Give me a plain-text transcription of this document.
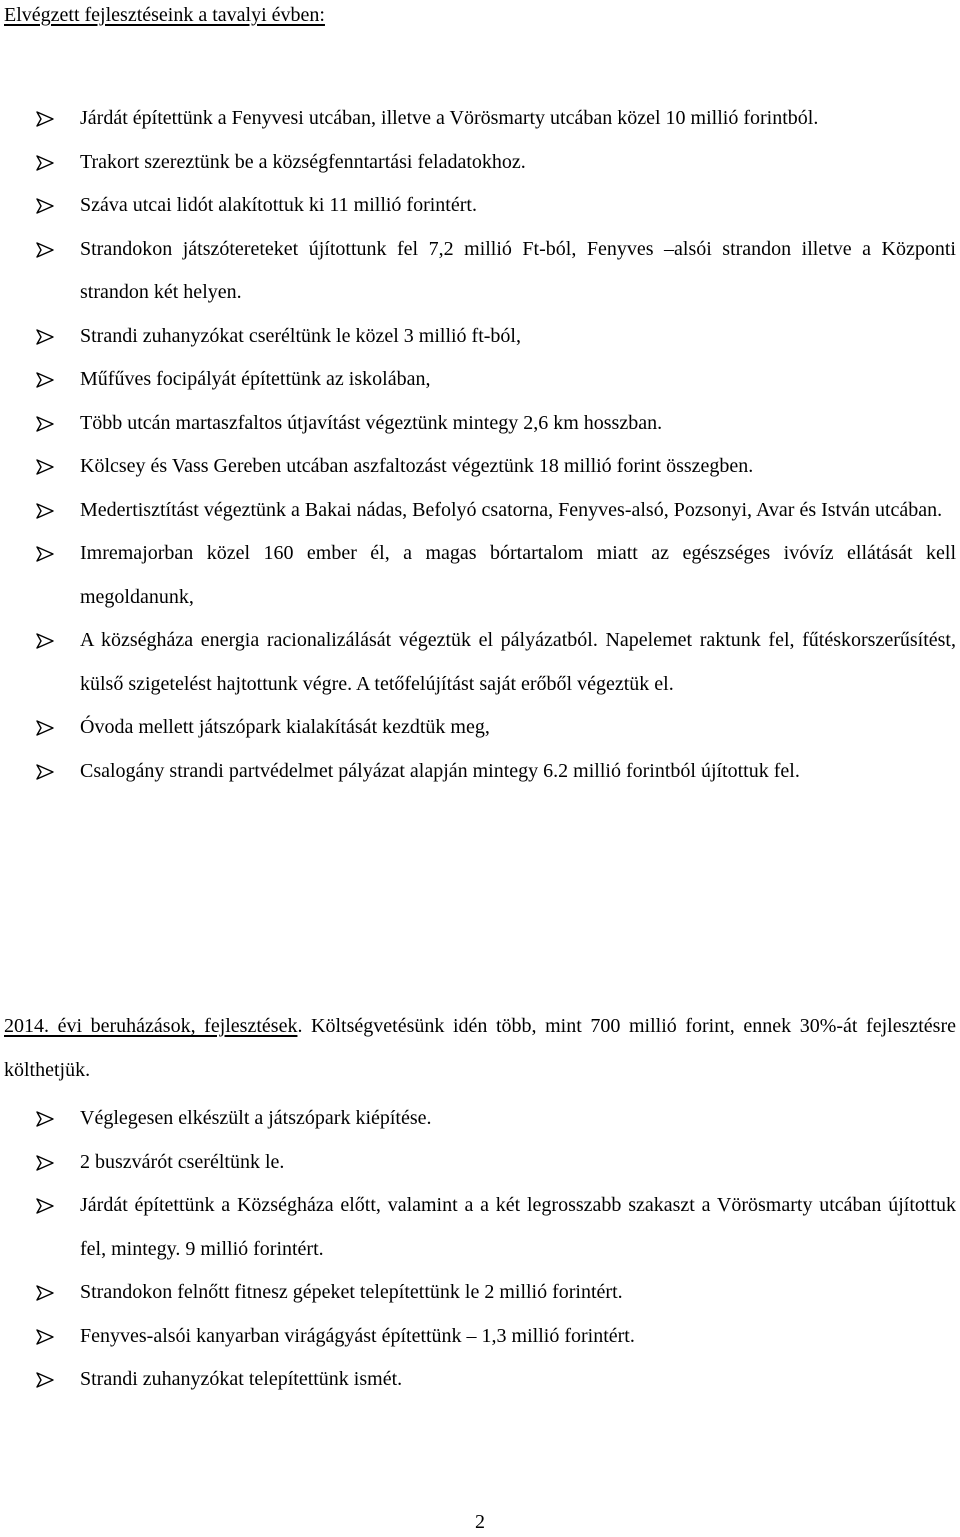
Elvégzett fejlesztéseink a tavalyi évben:
Járdát építettünk a Fenyvesi utcában, illetve a Vörösmarty utcában közel 10 millió forintból.
Trakort szereztünk be a községfenntartási feladatokhoz.
Száva utcai lidót alakítottuk ki 11 millió forintért.
Strandokon játszótereteket újítottunk fel 7,2 millió Ft-ból, Fenyves –alsói strandon illetve a Központi strandon két helyen.
Strandi zuhanyzókat cseréltünk le közel 3 millió ft-ból,
Műfűves focipályát építettünk az iskolában,
Több utcán martaszfaltos útjavítást végeztünk mintegy 2,6 km hosszban.
Kölcsey és Vass Gereben utcában aszfaltozást végeztünk 18 millió forint összegben.
Medertisztítást végeztünk a Bakai nádas, Befolyó csatorna, Fenyves-alsó, Pozsonyi, Avar és István utcában.
Imremajorban közel 160 ember él, a magas bórtartalom miatt az egészséges ivóvíz ellátását kell megoldanunk,
A községháza energia racionalizálását végeztük el pályázatból. Napelemet raktunk fel, fűtéskorszerűsítést, külső szigetelést hajtottunk végre. A tetőfelújítást saját erőből végeztük el.
Óvoda mellett játszópark kialakítását kezdtük meg,
Csalogány strandi partvédelmet pályázat alapján mintegy 6.2 millió forintból újítottuk fel.
2014. évi beruházások, fejlesztések. Költségvetésünk idén több, mint 700 millió forint, ennek 30%-át fejlesztésre költhetjük.
Véglegesen elkészült a játszópark kiépítése.
2 buszvárót cseréltünk le.
Járdát építettünk a Községháza előtt, valamint a a két legrosszabb szakaszt a Vörösmarty utcában újítottuk fel, mintegy. 9 millió forintért.
Strandokon felnőtt fitnesz gépeket telepítettünk le 2 millió forintért.
Fenyves-alsói kanyarban virágágyást építettünk – 1,3 millió forintért.
Strandi zuhanyzókat telepítettünk ismét.
2
